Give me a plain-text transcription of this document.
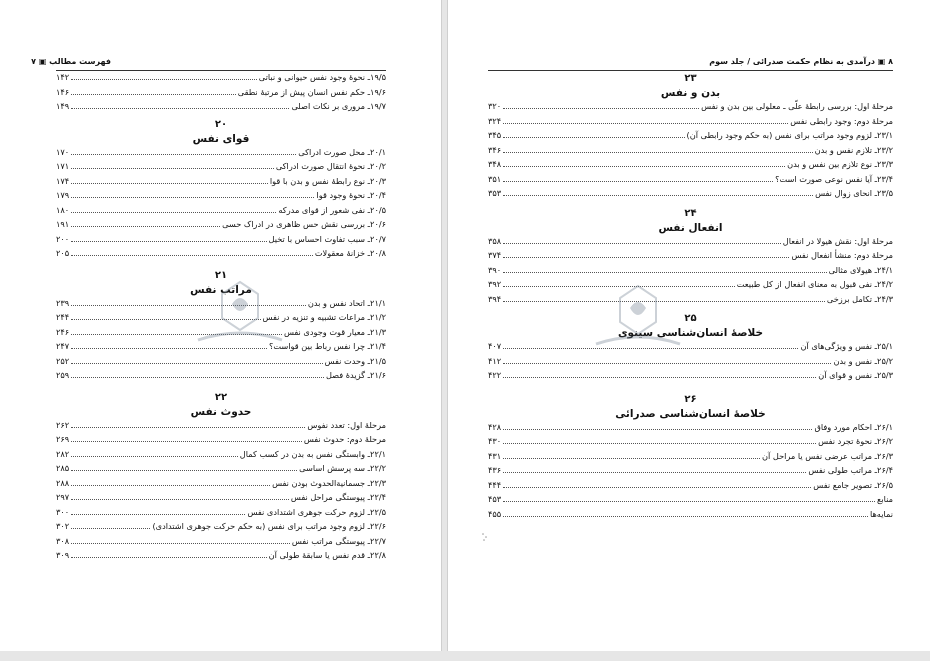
فهرست مطالب ▣ ۷
۱۹/۵ـ نحوهٔ وجود نفس حیوانی و نباتی
۱۴۲
۱۹/۶ـ حکم نفس انسان پیش از مرتبهٔ نطقی
۱۴۶
۱۹/۷ـ مروری بر نکات اصلی
۱۴۹
۲۰
قوای نفس
۲۰/۱ـ محل صورت ادراکی
۱۷۰
۲۰/۲ـ نحوهٔ انتقال صورت ادراکی
۱۷۱
۲۰/۳ـ نوع رابطهٔ نفس و بدن با قوا
۱۷۴
۲۰/۴ـ نحوهٔ وجود قوا
۱۷۹
۲۰/۵ـ نفی شعور از قوای مدرکه
۱۸۰
۲۰/۶ـ بررسی نقش حس ظاهری در ادراک حسی
۱۹۱
۲۰/۷ـ سبب تفاوت احساس با تخیل
۲۰۰
۲۰/۸ـ خزانهٔ معقولات
۲۰۵
۲۱
مراتب نفس
۲۱/۱ـ اتحاد نفس و بدن
۲۳۹
۲۱/۲ـ مراعات تشبیه و تنزیه در نفس
۲۴۴
۲۱/۳ـ معیار قوت وجودی نفس
۲۴۶
۲۱/۴ـ چرا نفس رباط بین قواست؟
۲۴۷
۲۱/۵ـ وحدت نفس
۲۵۲
۲۱/۶ـ گزیدهٔ فصل
۲۵۹
۲۲
حدوث نفس
مرحلهٔ اول: تعدد نفوس
۲۶۲
مرحلهٔ دوم: حدوث نفس
۲۶۹
۲۲/۱ـ وابستگی نفس به بدن در کسب کمال
۲۸۲
۲۲/۲ـ سه پرسش اساسی
۲۸۵
۲۲/۳ـ جسمانیةالحدوث بودن نفس
۲۸۸
۲۲/۴ـ پیوستگی مراحل نفس
۲۹۷
۲۲/۵ـ لزوم حرکت جوهری اشتدادی نفس
۳۰۰
۲۲/۶ـ لزوم وجود مراتب برای نفس (به حکم حرکت جوهری اشتدادی)
۳۰۲
۲۲/۷ـ پیوستگی مراتب نفس
۳۰۸
۲۲/۸ـ قدم نفس یا سابقهٔ طولی آن
۳۰۹
۸ ▣ درآمدی به نظام حکمت صدرائی / جلد سوم
۲۳
بدن و نفس
مرحلهٔ اول: بررسی رابطهٔ علّی ـ معلولی بین بدن و نفس
۳۲۰
مرحلهٔ دوم: وجود رابطی نفس
۳۲۴
۲۳/۱ـ لزوم وجود مراتب برای نفس (به حکم وجود رابطی آن)
۳۴۵
۲۳/۲ـ تلازم نفس و بدن
۳۴۶
۲۳/۳ـ نوع تلازم بین نفس و بدن
۳۴۸
۲۳/۴ـ آیا نفس نوعی صورت است؟
۳۵۱
۲۳/۵ـ انحای زوال نفس
۳۵۳
۲۴
انفعال نفس
مرحلهٔ اول: نقش هیولا در انفعال
۳۵۸
مرحلهٔ دوم: منشأ انفعال نفس
۳۷۴
۲۴/۱ـ هیولای مثالی
۳۹۰
۲۴/۲ـ نفی قبول به معنای انفعال از کل طبیعت
۳۹۲
۲۴/۳ـ تکامل برزخی
۳۹۴
۲۵
خلاصهٔ انسان‌شناسی سینوی
۲۵/۱ـ نفس و ویژگی‌های آن
۴۰۷
۲۵/۲ـ نفس و بدن
۴۱۲
۲۵/۳ـ نفس و قوای آن
۴۲۲
۲۶
خلاصهٔ انسان‌شناسی صدرائی
۲۶/۱ـ احکام مورد وفاق
۴۲۸
۲۶/۲ـ نحوهٔ تجرد نفس
۴۳۰
۲۶/۳ـ مراتب عرضی نفس یا مراحل آن
۴۳۱
۲۶/۴ـ مراتب طولی نفس
۴۳۶
۲۶/۵ـ تصویر جامع نفس
۴۴۴
منابع
۴۵۳
نمایه‌ها
۴۵۵
